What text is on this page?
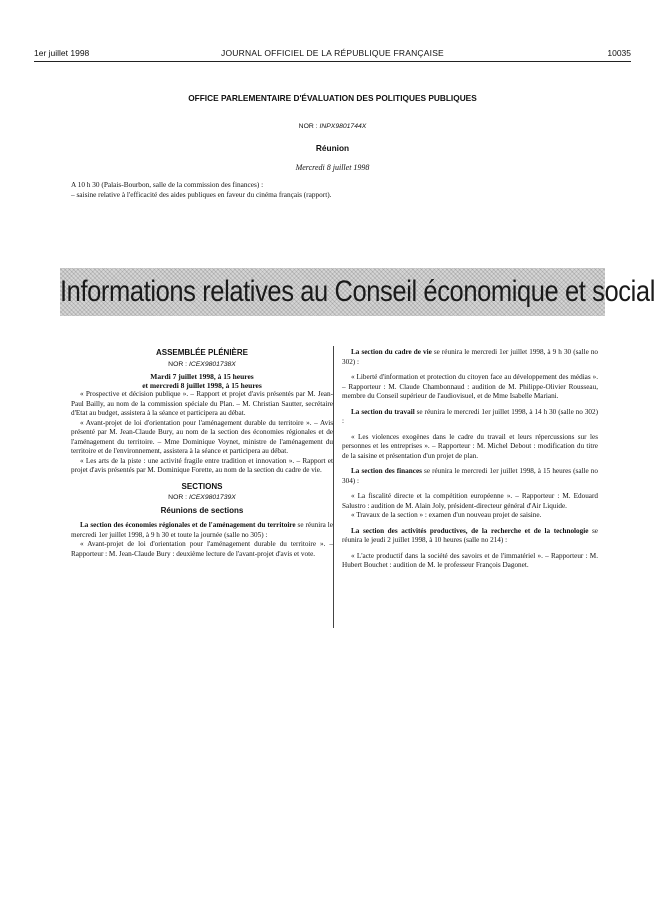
1er juillet 1998	JOURNAL OFFICIEL DE LA RÉPUBLIQUE FRANÇAISE	10035
OFFICE PARLEMENTAIRE D'ÉVALUATION DES POLITIQUES PUBLIQUES
NOR : INPX9801744X
Réunion
Mercredi 8 juillet 1998
A 10 h 30 (Palais-Bourbon, salle de la commission des finances) :
– saisine relative à l'efficacité des aides publiques en faveur du cinéma français (rapport).
Informations relatives au Conseil économique et social

ASSEMBLÉE PLÉNIÈRE

NOR : ICEX9801738X

Mardi 7 juillet 1998, à 15 heures

et mercredi 8 juillet 1998, à 15 heures

« Prospective et décision publique ». – Rapport et projet d'avis présentés par M. Jean-Paul Bailly, au nom de la commission spéciale du Plan. – M. Christian Sautter, secrétaire d'Etat au budget, assistera à la séance et participera au débat.

« Avant-projet de loi d'orientation pour l'aménagement durable du territoire ». – Avis présenté par M. Jean-Claude Bury, au nom de la section des économies régionales et de l'aménagement du territoire. – Mme Dominique Voynet, ministre de l'aménagement du territoire et de l'environnement, assistera à la séance et participera au débat.

« Les arts de la piste : une activité fragile entre tradition et innovation ». – Rapport et projet d'avis présentés par M. Dominique Forette, au nom de la section du cadre de vie.

SECTIONS

NOR : ICEX9801739X

Réunions de sections

La section des économies régionales et de l'aménagement du territoire se réunira le mercredi 1er juillet 1998, à 9 h 30 et toute la journée (salle no 305) :

« Avant-projet de loi d'orientation pour l'aménagement durable du territoire ». – Rapporteur : M. Jean-Claude Bury : deuxième lecture de l'avant-projet d'avis et vote.

La section du cadre de vie se réunira le mercredi 1er juillet 1998, à 9 h 30 (salle no 302) :

« Liberté d'information et protection du citoyen face au développement des médias ». – Rapporteur : M. Claude Chambonnaud : audition de M. Philippe-Olivier Rousseau, membre du Conseil supérieur de l'audiovisuel, et de Mme Isabelle Mariani.

La section du travail se réunira le mercredi 1er juillet 1998, à 14 h 30 (salle no 302) :

« Les violences exogènes dans le cadre du travail et leurs répercussions sur les personnes et les entreprises ». – Rapporteur : M. Michel Debout : modification du titre de la saisine et présentation d'un projet de plan.

La section des finances se réunira le mercredi 1er juillet 1998, à 15 heures (salle no 304) :

« La fiscalité directe et la compétition européenne ». – Rapporteur : M. Edouard Salustro : audition de M. Alain Joly, président-directeur général d'Air Liquide.

« Travaux de la section » : examen d'un nouveau projet de saisine.

La section des activités productives, de la recherche et de la technologie se réunira le jeudi 2 juillet 1998, à 10 heures (salle no 214) :

« L'acte productif dans la société des savoirs et de l'immatériel ». – Rapporteur : M. Hubert Bouchet : audition de M. le professeur François Dagonet.
